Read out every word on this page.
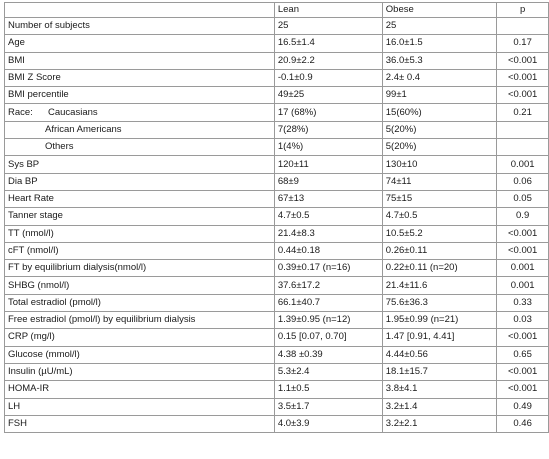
	Lean	Obese	p
Number of subjects	25	25	
Age	16.5±1.4	16.0±1.5	0.17
BMI	20.9±2.2	36.0±5.3	<0.001
BMI Z Score	-0.1±0.9	2.4± 0.4	<0.001
BMI percentile	49±25	99±1	<0.001
Race: Caucasians	17 (68%)	15(60%)	0.21
African Americans	7(28%)	5(20%)	
Others	1(4%)	5(20%)	
Sys BP	120±11	130±10	0.001
Dia BP	68±9	74±11	0.06
Heart Rate	67±13	75±15	0.05
Tanner stage	4.7±0.5	4.7±0.5	0.9
TT (nmol/l)	21.4±8.3	10.5±5.2	<0.001
cFT (nmol/l)	0.44±0.18	0.26±0.11	<0.001
FT by equilibrium dialysis(nmol/l)	0.39±0.17 (n=16)	0.22±0.11 (n=20)	0.001
SHBG (nmol/l)	37.6±17.2	21.4±11.6	0.001
Total estradiol (pmol/l)	66.1±40.7	75.6±36.3	0.33
Free estradiol (pmol/l) by equilibrium dialysis	1.39±0.95 (n=12)	1.95±0.99 (n=21)	0.03
CRP (mg/l)	0.15 [0.07, 0.70]	1.47 [0.91, 4.41]	<0.001
Glucose (mmol/l)	4.38 ±0.39	4.44±0.56	0.65
Insulin (µU/mL)	5.3±2.4	18.1±15.7	<0.001
HOMA-IR	1.1±0.5	3.8±4.1	<0.001
LH	3.5±1.7	3.2±1.4	0.49
FSH	4.0±3.9	3.2±2.1	0.46
